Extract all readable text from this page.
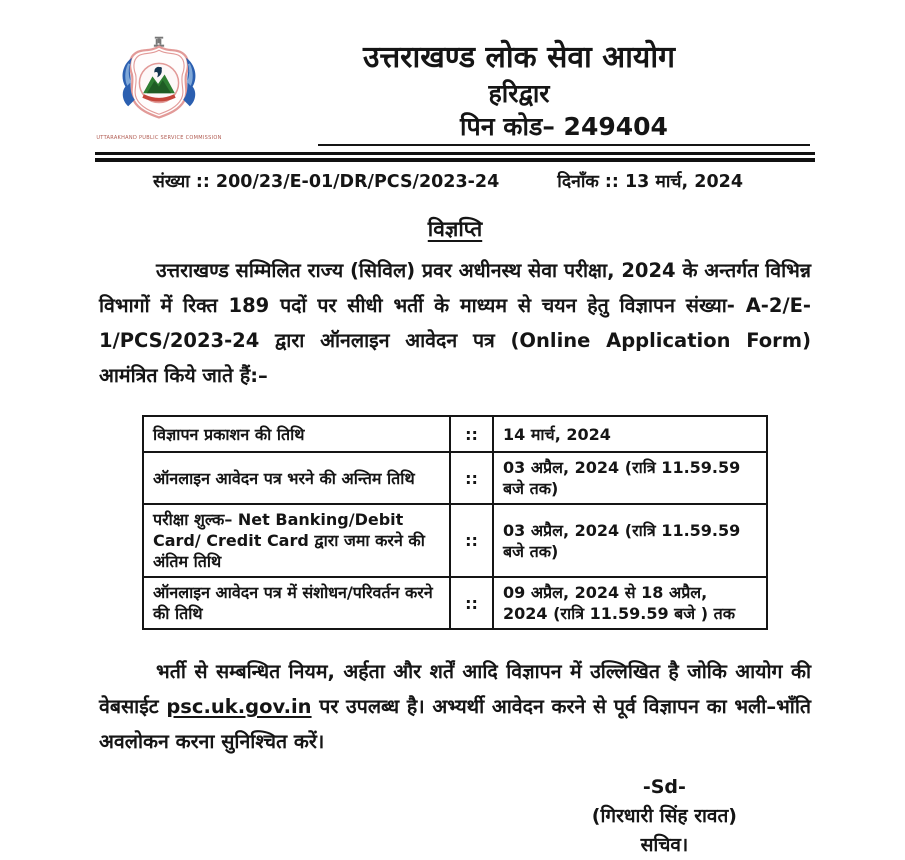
UTTARAKHAND PUBLIC SERVICE COMMISSION
उत्तराखण्ड लोक सेवा आयोग
हरिद्वार
पिन कोड– 249404
संख्या :: 200/23/E-01/DR/PCS/2023-24	दिनाँक :: 13 मार्च, 2024
विज्ञप्ति
उत्तराखण्ड सम्मिलित राज्य (सिविल) प्रवर अधीनस्थ सेवा परीक्षा, 2024 के अन्तर्गत विभिन्न विभागों में रिक्त 189 पदों पर सीधी भर्ती के माध्यम से चयन हेतु विज्ञापन संख्या- A-2/E-1/PCS/2023-24 द्वारा ऑनलाइन आवेदन पत्र (Online Application Form) आमंत्रित किये जाते हैं:–
विज्ञापन प्रकाशन की तिथि	::	14 मार्च, 2024
ऑनलाइन आवेदन पत्र भरने की अन्तिम तिथि	::	03 अप्रैल, 2024 (रात्रि 11.59.59 बजे तक)
परीक्षा शुल्क– Net Banking/Debit Card/ Credit Card द्वारा जमा करने की अंतिम तिथि	::	03 अप्रैल, 2024 (रात्रि 11.59.59 बजे तक)
ऑनलाइन आवेदन पत्र में संशोधन/परिवर्तन करने की तिथि	::	09 अप्रैल, 2024 से 18 अप्रैल, 2024 (रात्रि 11.59.59 बजे ) तक
भर्ती से सम्बन्धित नियम, अर्हता और शर्तें आदि विज्ञापन में उल्लिखित है जोकि आयोग की वेबसाईट psc.uk.gov.in पर उपलब्ध है। अभ्यर्थी आवेदन करने से पूर्व विज्ञापन का भली–भाँति अवलोकन करना सुनिश्चित करें।
-Sd-
(गिरधारी सिंह रावत)
सचिव।
